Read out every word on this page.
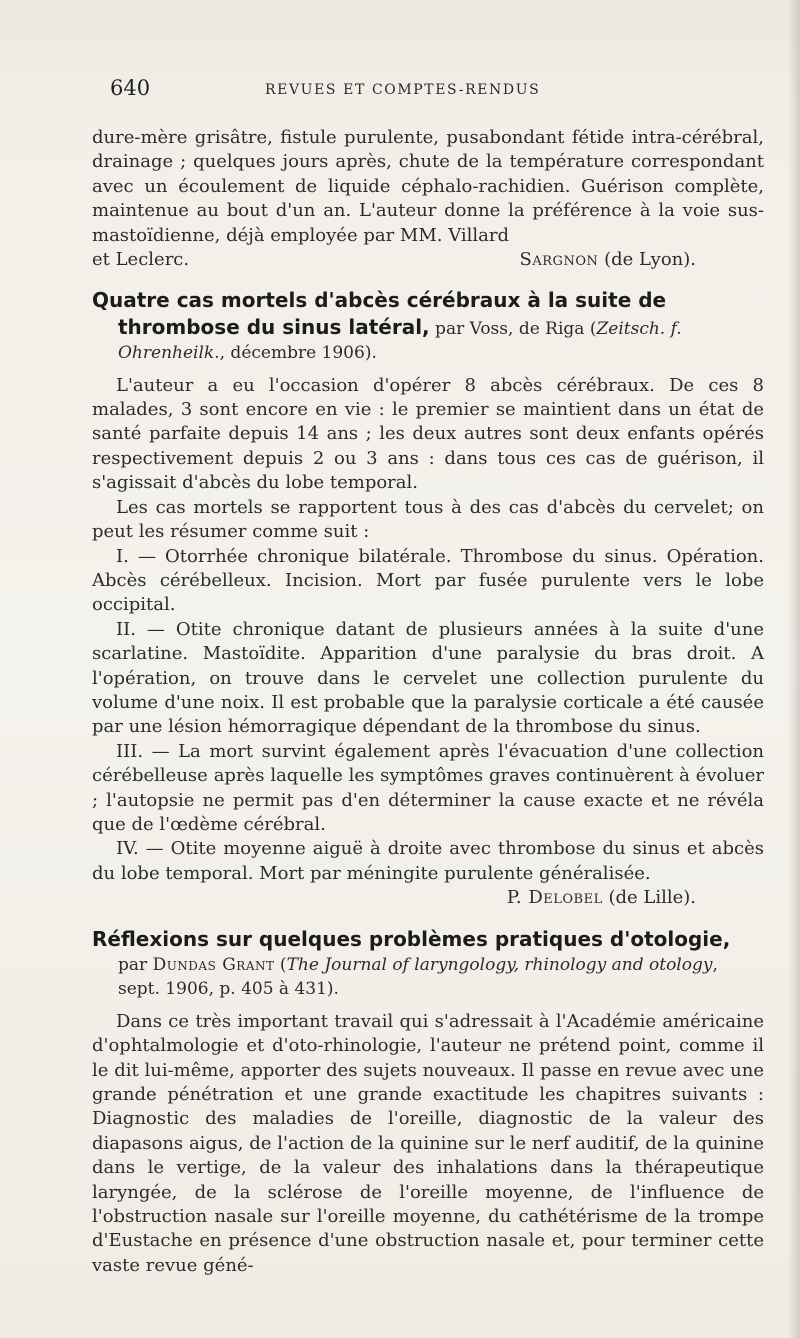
640	REVUES ET COMPTES-RENDUS

dure-mère grisâtre, fistule purulente, pusabondant fétide intra-cérébral, drainage ; quelques jours après, chute de la température correspondant avec un écoulement de liquide céphalo-rachidien. Guérison complète, maintenue au bout d'un an. L'auteur donne la préférence à la voie sus-mastoïdienne, déjà employée par MM. Villard

et Leclerc.	Sargnon (de Lyon).
Quatre cas mortels d'abcès cérébraux à la suite de thrombose du sinus latéral, par Voss, de Riga (Zeitsch. f. Ohrenheilk., décembre 1906).

L'auteur a eu l'occasion d'opérer 8 abcès cérébraux. De ces 8 malades, 3 sont encore en vie : le premier se maintient dans un état de santé parfaite depuis 14 ans ; les deux autres sont deux enfants opérés respectivement depuis 2 ou 3 ans : dans tous ces cas de guérison, il s'agissait d'abcès du lobe temporal.

Les cas mortels se rapportent tous à des cas d'abcès du cervelet; on peut les résumer comme suit :

I. — Otorrhée chronique bilatérale. Thrombose du sinus. Opération. Abcès cérébelleux. Incision. Mort par fusée purulente vers le lobe occipital.

II. — Otite chronique datant de plusieurs années à la suite d'une scarlatine. Mastoïdite. Apparition d'une paralysie du bras droit. A l'opération, on trouve dans le cervelet une collection purulente du volume d'une noix. Il est probable que la paralysie corticale a été causée par une lésion hémorragique dépendant de la thrombose du sinus.

III. — La mort survint également après l'évacuation d'une collection cérébelleuse après laquelle les symptômes graves continuèrent à évoluer ; l'autopsie ne permit pas d'en déterminer la cause exacte et ne révéla que de l'œdème cérébral.

IV. — Otite moyenne aiguë à droite avec thrombose du sinus et abcès du lobe temporal. Mort par méningite purulente généralisée.

P. Delobel (de Lille).
Réflexions sur quelques problèmes pratiques d'otologie, par Dundas Grant (The Journal of laryngology, rhinology and otology, sept. 1906, p. 405 à 431).

Dans ce très important travail qui s'adressait à l'Académie américaine d'ophtalmologie et d'oto-rhinologie, l'auteur ne prétend point, comme il le dit lui-même, apporter des sujets nouveaux. Il passe en revue avec une grande pénétration et une grande exactitude les chapitres suivants : Diagnostic des maladies de l'oreille, diagnostic de la valeur des diapasons aigus, de l'action de la quinine sur le nerf auditif, de la quinine dans le vertige, de la valeur des inhalations dans la thérapeutique laryngée, de la sclérose de l'oreille moyenne, de l'influence de l'obstruction nasale sur l'oreille moyenne, du cathétérisme de la trompe d'Eustache en présence d'une obstruction nasale et, pour terminer cette vaste revue géné-
